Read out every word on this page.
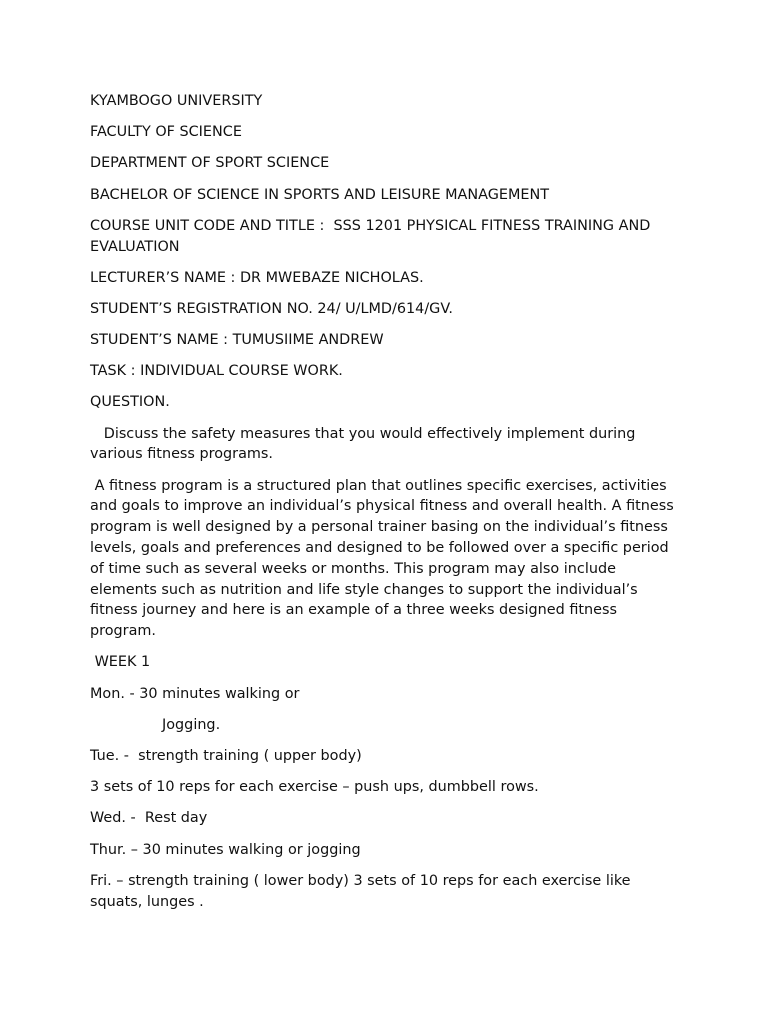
KYAMBOGO UNIVERSITY

FACULTY OF SCIENCE

DEPARTMENT OF SPORT SCIENCE

BACHELOR OF SCIENCE IN SPORTS AND LEISURE MANAGEMENT

COURSE UNIT CODE AND TITLE :  SSS 1201 PHYSICAL FITNESS TRAINING AND EVALUATION

LECTURER’S NAME : DR MWEBAZE NICHOLAS.

STUDENT’S REGISTRATION NO. 24/ U/LMD/614/GV.

STUDENT’S NAME : TUMUSIIME ANDREW

TASK : INDIVIDUAL COURSE WORK.

QUESTION.

Discuss the safety measures that you would effectively implement during various fitness programs.

A fitness program is a structured plan that outlines specific exercises, activities and goals to improve an individual’s physical fitness and overall health. A fitness program is well designed by a personal trainer basing on the individual’s fitness levels, goals and preferences and designed to be followed over a specific period of time such as several weeks or months. This program may also include elements such as nutrition and life style changes to support the individual’s fitness journey and here is an example of a three weeks designed fitness program.

WEEK 1

Mon. - 30 minutes walking or

Jogging.

Tue. -  strength training ( upper body)

3 sets of 10 reps for each exercise – push ups, dumbbell rows.

Wed. -  Rest day

Thur. – 30 minutes walking or jogging

Fri. – strength training ( lower body) 3 sets of 10 reps for each exercise like squats, lunges .
